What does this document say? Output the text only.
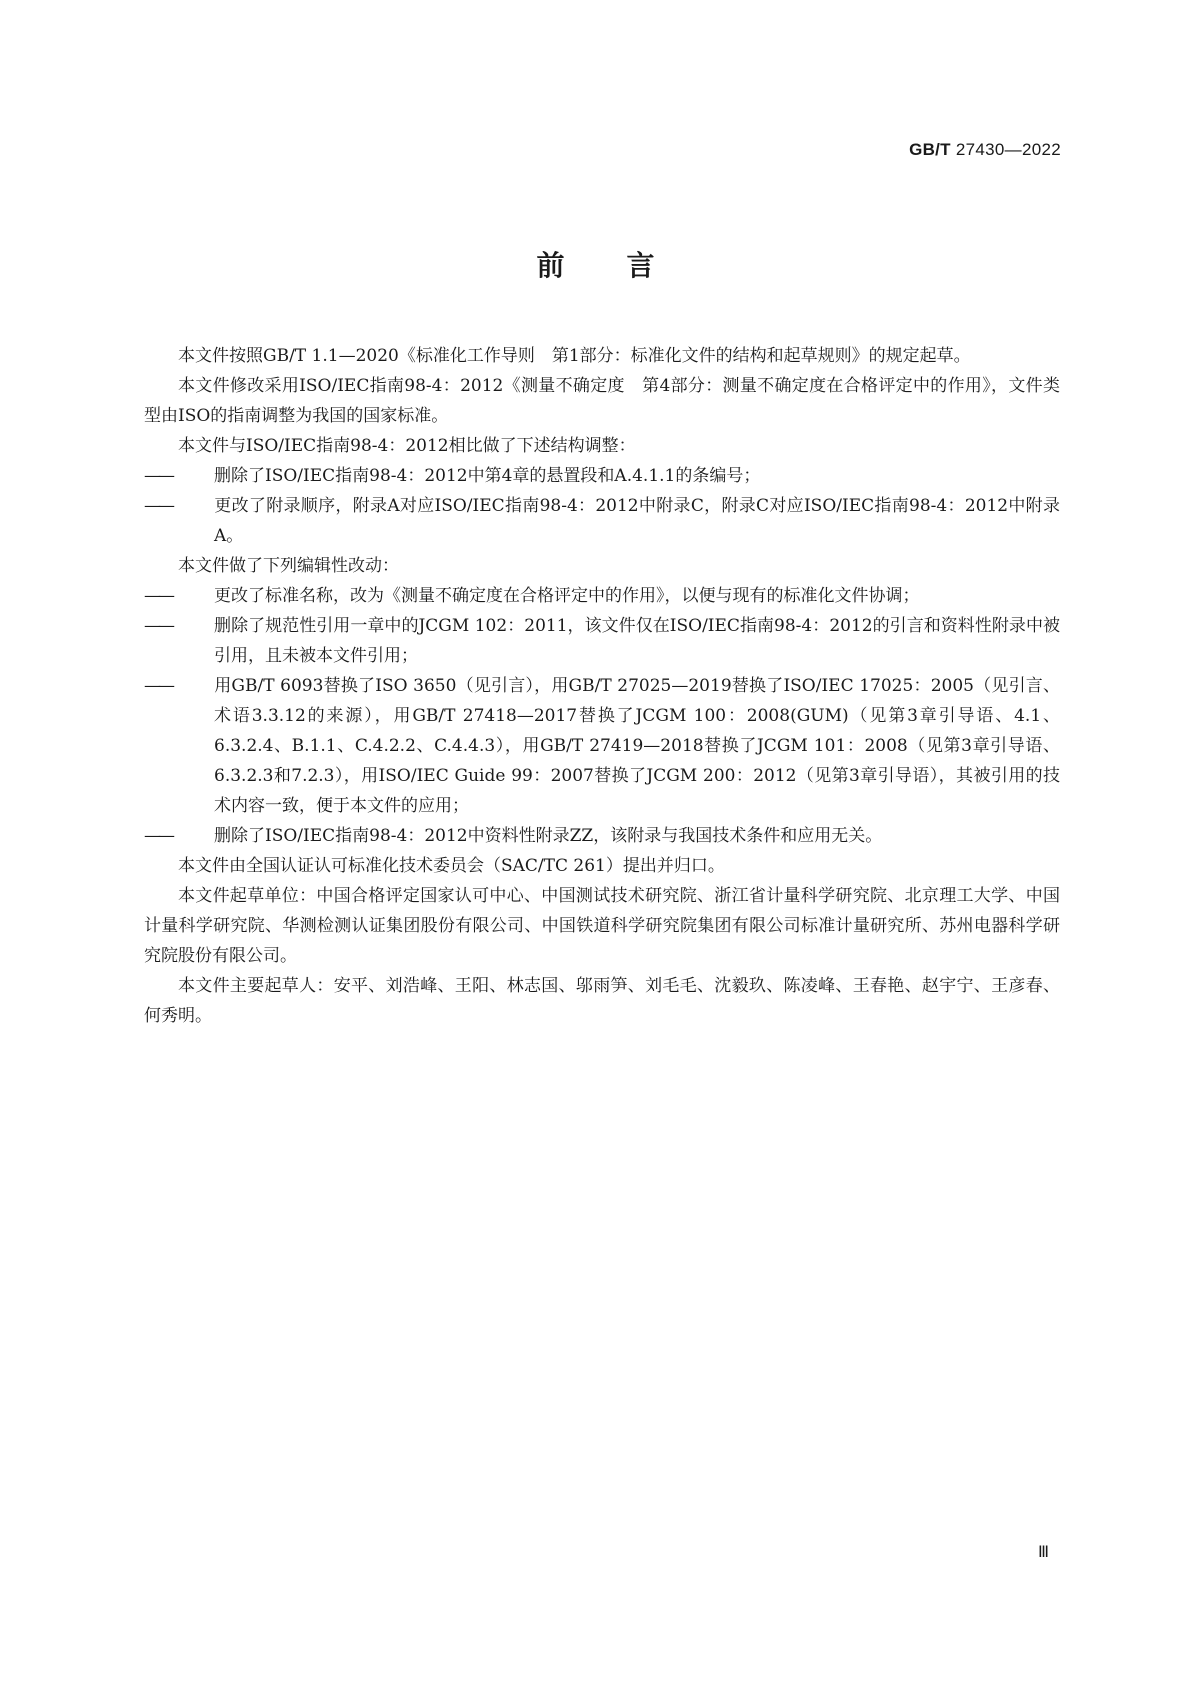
GB/T 27430—2022
前言

本文件按照GB/T 1.1—2020《标准化工作导则　第1部分：标准化文件的结构和起草规则》的规定起草。

本文件修改采用ISO/IEC指南98-4：2012《测量不确定度　第4部分：测量不确定度在合格评定中的作用》，文件类型由ISO的指南调整为我国的国家标准。

本文件与ISO/IEC指南98-4：2012相比做了下述结构调整：

—— 删除了ISO/IEC指南98-4：2012中第4章的悬置段和A.4.1.1的条编号；

—— 更改了附录顺序，附录A对应ISO/IEC指南98-4：2012中附录C，附录C对应ISO/IEC指南98-4：2012中附录A。

本文件做了下列编辑性改动：

—— 更改了标准名称，改为《测量不确定度在合格评定中的作用》，以便与现有的标准化文件协调；

—— 删除了规范性引用一章中的JCGM 102：2011，该文件仅在ISO/IEC指南98-4：2012的引言和资料性附录中被引用，且未被本文件引用；

—— 用GB/T 6093替换了ISO 3650（见引言），用GB/T 27025—2019替换了ISO/IEC 17025：2005（见引言、术语3.3.12的来源），用GB/T 27418—2017替换了JCGM 100：2008(GUM)（见第3章引导语、4.1、6.3.2.4、B.1.1、C.4.2.2、C.4.4.3），用GB/T 27419—2018替换了JCGM 101：2008（见第3章引导语、6.3.2.3和7.2.3），用ISO/IEC Guide 99：2007替换了JCGM 200：2012（见第3章引导语），其被引用的技术内容一致，便于本文件的应用；

—— 删除了ISO/IEC指南98-4：2012中资料性附录ZZ，该附录与我国技术条件和应用无关。

本文件由全国认证认可标准化技术委员会（SAC/TC 261）提出并归口。

本文件起草单位：中国合格评定国家认可中心、中国测试技术研究院、浙江省计量科学研究院、北京理工大学、中国计量科学研究院、华测检测认证集团股份有限公司、中国铁道科学研究院集团有限公司标准计量研究所、苏州电器科学研究院股份有限公司。

本文件主要起草人：安平、刘浩峰、王阳、林志国、邬雨笋、刘毛毛、沈毅玖、陈凌峰、王春艳、赵宇宁、王彦春、何秀明。

Ⅲ
